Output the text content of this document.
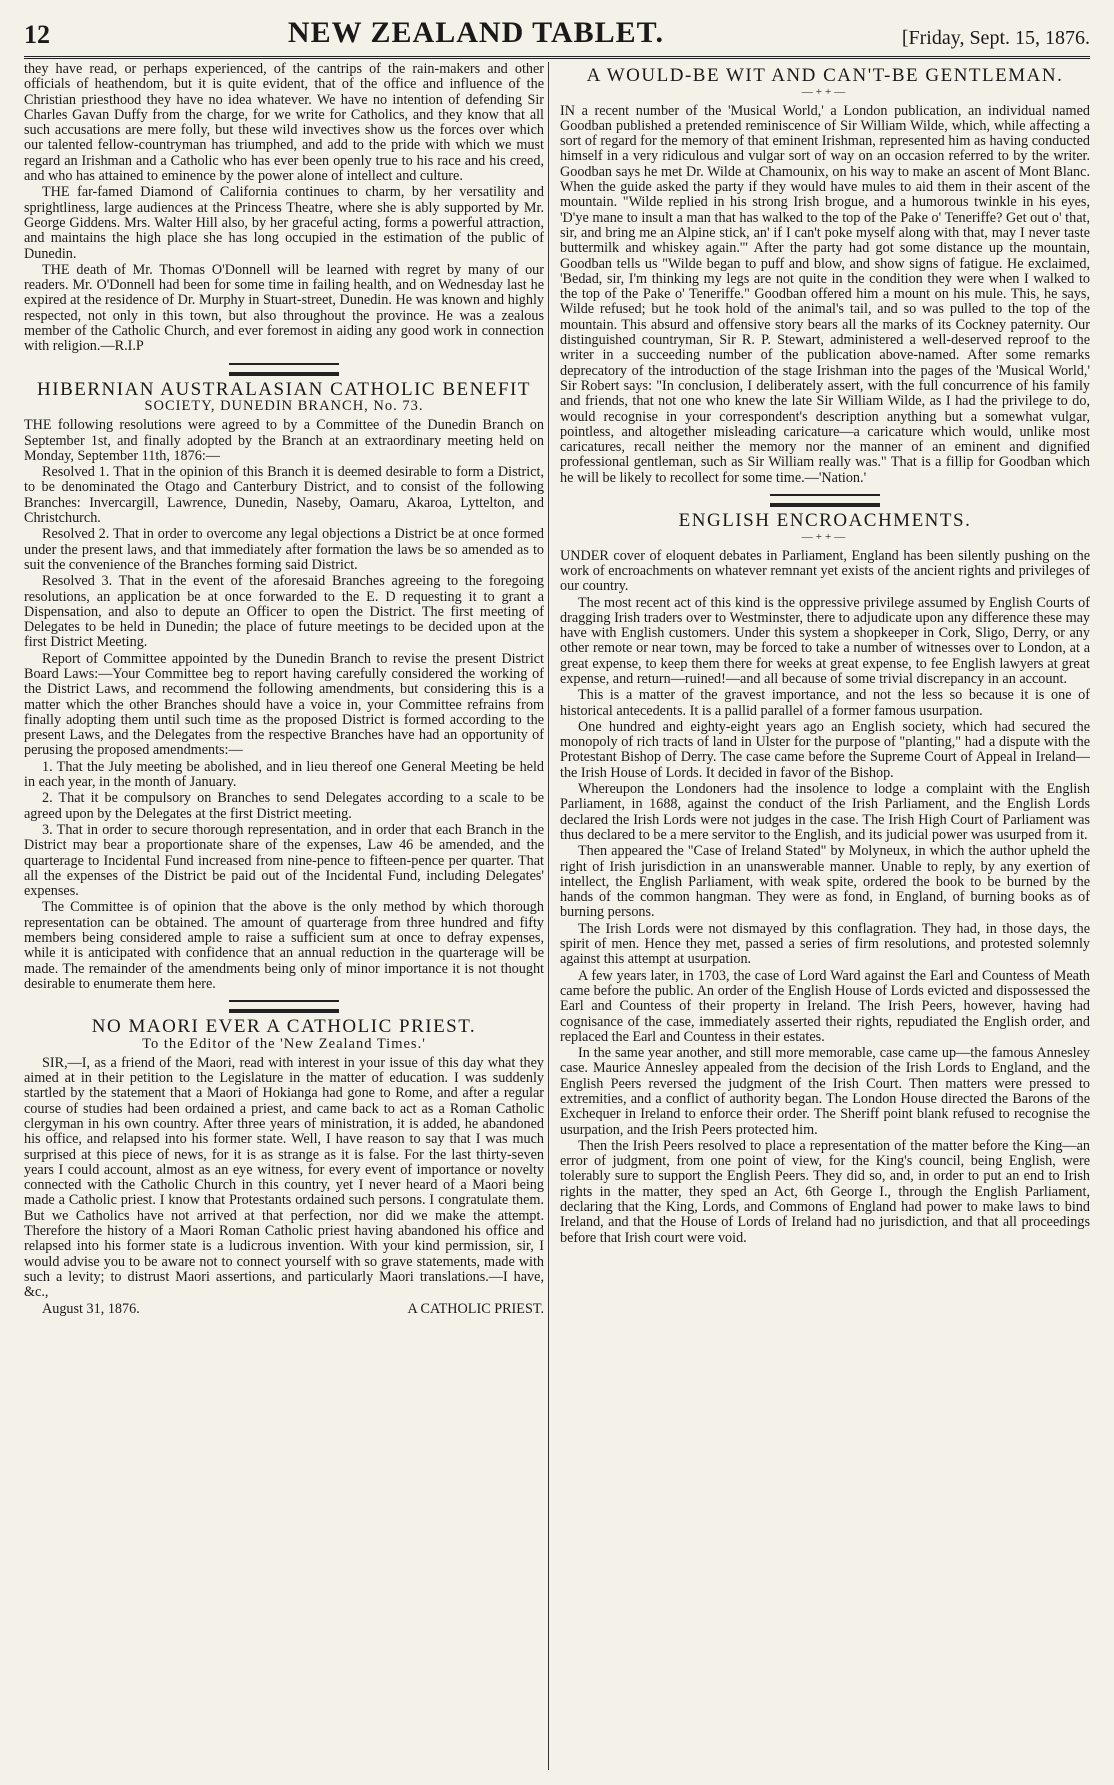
12	NEW ZEALAND TABLET.	[Friday, Sept. 15, 1876.

they have read, or perhaps experienced, of the cantrips of the rain-makers and other officials of heathendom, but it is quite evident, that of the office and influence of the Christian priesthood they have no idea whatever. We have no intention of defending Sir Charles Gavan Duffy from the charge, for we write for Catholics, and they know that all such accusations are mere folly, but these wild invectives show us the forces over which our talented fellow-countryman has triumphed, and add to the pride with which we must regard an Irishman and a Catholic who has ever been openly true to his race and his creed, and who has attained to eminence by the power alone of intellect and culture.

THE far-famed Diamond of California continues to charm, by her versatility and sprightliness, large audiences at the Princess Theatre, where she is ably supported by Mr. George Giddens. Mrs. Walter Hill also, by her graceful acting, forms a powerful attraction, and maintains the high place she has long occupied in the estimation of the public of Dunedin.

THE death of Mr. Thomas O'Donnell will be learned with regret by many of our readers. Mr. O'Donnell had been for some time in failing health, and on Wednesday last he expired at the residence of Dr. Murphy in Stuart-street, Dunedin. He was known and highly respected, not only in this town, but also throughout the province. He was a zealous member of the Catholic Church, and ever foremost in aiding any good work in connection with religion.—R.I.P

HIBERNIAN AUSTRALASIAN CATHOLIC BENEFIT
SOCIETY, DUNEDIN BRANCH, No. 73.

THE following resolutions were agreed to by a Committee of the Dunedin Branch on September 1st, and finally adopted by the Branch at an extraordinary meeting held on Monday, September 11th, 1876:—

Resolved 1. That in the opinion of this Branch it is deemed desirable to form a District, to be denominated the Otago and Canterbury District, and to consist of the following Branches: Invercargill, Lawrence, Dunedin, Naseby, Oamaru, Akaroa, Lyttelton, and Christchurch.

Resolved 2. That in order to overcome any legal objections a District be at once formed under the present laws, and that immediately after formation the laws be so amended as to suit the convenience of the Branches forming said District.

Resolved 3. That in the event of the aforesaid Branches agreeing to the foregoing resolutions, an application be at once forwarded to the E. D requesting it to grant a Dispensation, and also to depute an Officer to open the District. The first meeting of Delegates to be held in Dunedin; the place of future meetings to be decided upon at the first District Meeting.

Report of Committee appointed by the Dunedin Branch to revise the present District Board Laws:—Your Committee beg to report having carefully considered the working of the District Laws, and recommend the following amendments, but considering this is a matter which the other Branches should have a voice in, your Committee refrains from finally adopting them until such time as the proposed District is formed according to the present Laws, and the Delegates from the respective Branches have had an opportunity of perusing the proposed amendments:—

1. That the July meeting be abolished, and in lieu thereof one General Meeting be held in each year, in the month of January.

2. That it be compulsory on Branches to send Delegates according to a scale to be agreed upon by the Delegates at the first District meeting.

3. That in order to secure thorough representation, and in order that each Branch in the District may bear a proportionate share of the expenses, Law 46 be amended, and the quarterage to Incidental Fund increased from nine-pence to fifteen-pence per quarter. That all the expenses of the District be paid out of the Incidental Fund, including Delegates' expenses.

The Committee is of opinion that the above is the only method by which thorough representation can be obtained. The amount of quarterage from three hundred and fifty members being considered ample to raise a sufficient sum at once to defray expenses, while it is anticipated with confidence that an annual reduction in the quarterage will be made. The remainder of the amendments being only of minor importance it is not thought desirable to enumerate them here.

NO MAORI EVER A CATHOLIC PRIEST.
To the Editor of the 'New Zealand Times.'

SIR,—I, as a friend of the Maori, read with interest in your issue of this day what they aimed at in their petition to the Legislature in the matter of education. I was suddenly startled by the statement that a Maori of Hokianga had gone to Rome, and after a regular course of studies had been ordained a priest, and came back to act as a Roman Catholic clergyman in his own country. After three years of ministration, it is added, he abandoned his office, and relapsed into his former state. Well, I have reason to say that I was much surprised at this piece of news, for it is as strange as it is false. For the last thirty-seven years I could account, almost as an eye witness, for every event of importance or novelty connected with the Catholic Church in this country, yet I never heard of a Maori being made a Catholic priest. I know that Protestants ordained such persons. I congratulate them. But we Catholics have not arrived at that perfection, nor did we make the attempt. Therefore the history of a Maori Roman Catholic priest having abandoned his office and relapsed into his former state is a ludicrous invention. With your kind permission, sir, I would advise you to be aware not to connect yourself with so grave statements, made with such a levity; to distrust Maori assertions, and particularly Maori translations.—I have, &c.,

August 31, 1876.	A CATHOLIC PRIEST.
A WOULD-BE WIT AND CAN'T-BE GENTLEMAN.
—++—

IN a recent number of the 'Musical World,' a London publication, an individual named Goodban published a pretended reminiscence of Sir William Wilde, which, while affecting a sort of regard for the memory of that eminent Irishman, represented him as having conducted himself in a very ridiculous and vulgar sort of way on an occasion referred to by the writer. Goodban says he met Dr. Wilde at Chamounix, on his way to make an ascent of Mont Blanc. When the guide asked the party if they would have mules to aid them in their ascent of the mountain. "Wilde replied in his strong Irish brogue, and a humorous twinkle in his eyes, 'D'ye mane to insult a man that has walked to the top of the Pake o' Teneriffe? Get out o' that, sir, and bring me an Alpine stick, an' if I can't poke myself along with that, may I never taste buttermilk and whiskey again.'" After the party had got some distance up the mountain, Goodban tells us "Wilde began to puff and blow, and show signs of fatigue. He exclaimed, 'Bedad, sir, I'm thinking my legs are not quite in the condition they were when I walked to the top of the Pake o' Teneriffe." Goodban offered him a mount on his mule. This, he says, Wilde refused; but he took hold of the animal's tail, and so was pulled to the top of the mountain. This absurd and offensive story bears all the marks of its Cockney paternity. Our distinguished countryman, Sir R. P. Stewart, administered a well-deserved reproof to the writer in a succeeding number of the publication above-named. After some remarks deprecatory of the introduction of the stage Irishman into the pages of the 'Musical World,' Sir Robert says: "In conclusion, I deliberately assert, with the full concurrence of his family and friends, that not one who knew the late Sir William Wilde, as I had the privilege to do, would recognise in your correspondent's description anything but a somewhat vulgar, pointless, and altogether misleading caricature—a caricature which would, unlike most caricatures, recall neither the memory nor the manner of an eminent and dignified professional gentleman, such as Sir William really was." That is a fillip for Goodban which he will be likely to recollect for some time.—'Nation.'

ENGLISH ENCROACHMENTS.
—++—

UNDER cover of eloquent debates in Parliament, England has been silently pushing on the work of encroachments on whatever remnant yet exists of the ancient rights and privileges of our country.

The most recent act of this kind is the oppressive privilege assumed by English Courts of dragging Irish traders over to Westminster, there to adjudicate upon any difference these may have with English customers. Under this system a shopkeeper in Cork, Sligo, Derry, or any other remote or near town, may be forced to take a number of witnesses over to London, at a great expense, to keep them there for weeks at great expense, to fee English lawyers at great expense, and return—ruined!—and all because of some trivial discrepancy in an account.

This is a matter of the gravest importance, and not the less so because it is one of historical antecedents. It is a pallid parallel of a former famous usurpation.

One hundred and eighty-eight years ago an English society, which had secured the monopoly of rich tracts of land in Ulster for the purpose of "planting," had a dispute with the Protestant Bishop of Derry. The case came before the Supreme Court of Appeal in Ireland—the Irish House of Lords. It decided in favor of the Bishop.

Whereupon the Londoners had the insolence to lodge a complaint with the English Parliament, in 1688, against the conduct of the Irish Parliament, and the English Lords declared the Irish Lords were not judges in the case. The Irish High Court of Parliament was thus declared to be a mere servitor to the English, and its judicial power was usurped from it.

Then appeared the "Case of Ireland Stated" by Molyneux, in which the author upheld the right of Irish jurisdiction in an unanswerable manner. Unable to reply, by any exertion of intellect, the English Parliament, with weak spite, ordered the book to be burned by the hands of the common hangman. They were as fond, in England, of burning books as of burning persons.

The Irish Lords were not dismayed by this conflagration. They had, in those days, the spirit of men. Hence they met, passed a series of firm resolutions, and protested solemnly against this attempt at usurpation.

A few years later, in 1703, the case of Lord Ward against the Earl and Countess of Meath came before the public. An order of the English House of Lords evicted and dispossessed the Earl and Countess of their property in Ireland. The Irish Peers, however, having had cognisance of the case, immediately asserted their rights, repudiated the English order, and replaced the Earl and Countess in their estates.

In the same year another, and still more memorable, case came up—the famous Annesley case. Maurice Annesley appealed from the decision of the Irish Lords to England, and the English Peers reversed the judgment of the Irish Court. Then matters were pressed to extremities, and a conflict of authority began. The London House directed the Barons of the Exchequer in Ireland to enforce their order. The Sheriff point blank refused to recognise the usurpation, and the Irish Peers protected him.

Then the Irish Peers resolved to place a representation of the matter before the King—an error of judgment, from one point of view, for the King's council, being English, were tolerably sure to support the English Peers. They did so, and, in order to put an end to Irish rights in the matter, they sped an Act, 6th George I., through the English Parliament, declaring that the King, Lords, and Commons of England had power to make laws to bind Ireland, and that the House of Lords of Ireland had no jurisdiction, and that all proceedings before that Irish court were void.
